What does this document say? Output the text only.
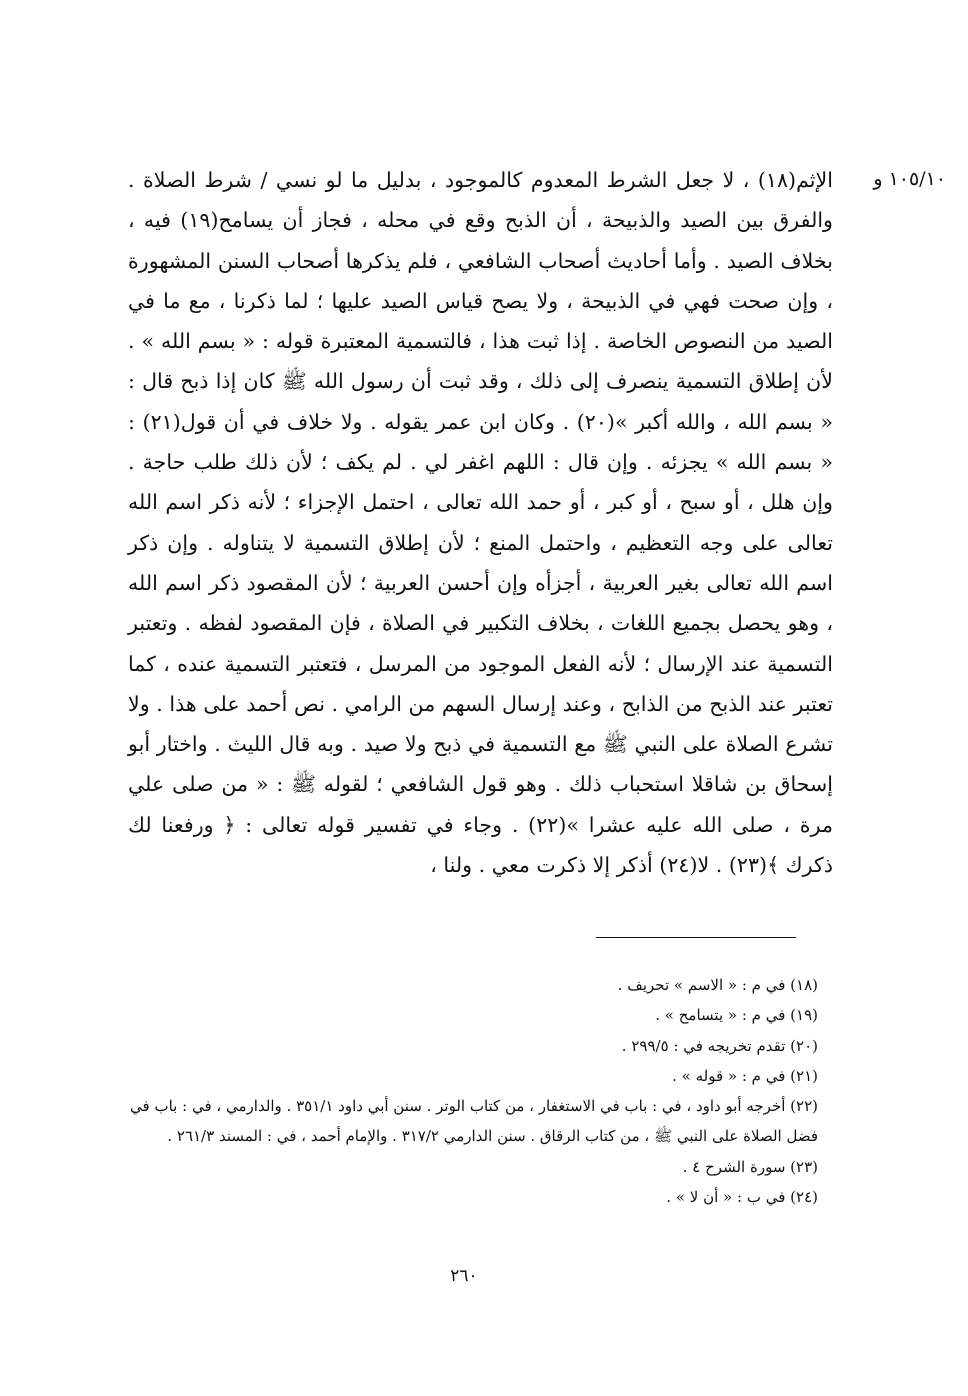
١٠٥/١٠ و

الإثم(١٨) ، لا جعل الشرط المعدوم كالموجود ، بدليل ما لو نسي / شرط الصلاة . والفرق بين الصيد والذبيحة ، أن الذبح وقع في محله ، فجاز أن يسامح(١٩) فيه ، بخلاف الصيد . وأما أحاديث أصحاب الشافعي ، فلم يذكرها أصحاب السنن المشهورة ، وإن صحت فهي في الذبيحة ، ولا يصح قياس الصيد عليها ؛ لما ذكرنا ، مع ما في الصيد من النصوص الخاصة . إذا ثبت هذا ، فالتسمية المعتبرة قوله : « بسم الله » . لأن إطلاق التسمية ينصرف إلى ذلك ، وقد ثبت أن رسول الله ﷺ كان إذا ذبح قال : « بسم الله ، والله أكبر »(٢٠) . وكان ابن عمر يقوله . ولا خلاف في أن قول(٢١) : « بسم الله » يجزئه . وإن قال : اللهم اغفر لي . لم يكف ؛ لأن ذلك طلب حاجة . وإن هلل ، أو سبح ، أو كبر ، أو حمد الله تعالى ، احتمل الإجزاء ؛ لأنه ذكر اسم الله تعالى على وجه التعظيم ، واحتمل المنع ؛ لأن إطلاق التسمية لا يتناوله . وإن ذكر اسم الله تعالى بغير العربية ، أجزأه وإن أحسن العربية ؛ لأن المقصود ذكر اسم الله ، وهو يحصل بجميع اللغات ، بخلاف التكبير في الصلاة ، فإن المقصود لفظه . وتعتبر التسمية عند الإرسال ؛ لأنه الفعل الموجود من المرسل ، فتعتبر التسمية عنده ، كما تعتبر عند الذبح من الذابح ، وعند إرسال السهم من الرامي . نص أحمد على هذا . ولا تشرع الصلاة على النبي ﷺ مع التسمية في ذبح ولا صيد . وبه قال الليث . واختار أبو إسحاق بن شاقلا استحباب ذلك . وهو قول الشافعي ؛ لقوله ﷺ : « من صلى علي مرة ، صلى الله عليه عشرا »(٢٢) . وجاء في تفسير قوله تعالى : ﴿ ورفعنا لك ذكرك ﴾(٢٣) . لا(٢٤) أذكر إلا ذكرت معي . ولنا ،

(١٨) في م : « الاسم » تحريف .

(١٩) في م : « يتسامح » .

(٢٠) تقدم تخريجه في : ٢٩٩/٥ .

(٢١) في م : « قوله » .

(٢٢) أخرجه أبو داود ، في : باب في الاستغفار ، من كتاب الوتر . سنن أبي داود ٣٥١/١ . والدارمي ، في : باب في فضل الصلاة على النبي ﷺ ، من كتاب الرقاق . سنن الدارمي ٣١٧/٢ . والإمام أحمد ، في : المسند ٢٦١/٣ .

(٢٣) سورة الشرح ٤ .

(٢٤) في ب : « أن لا » .

٢٦٠
